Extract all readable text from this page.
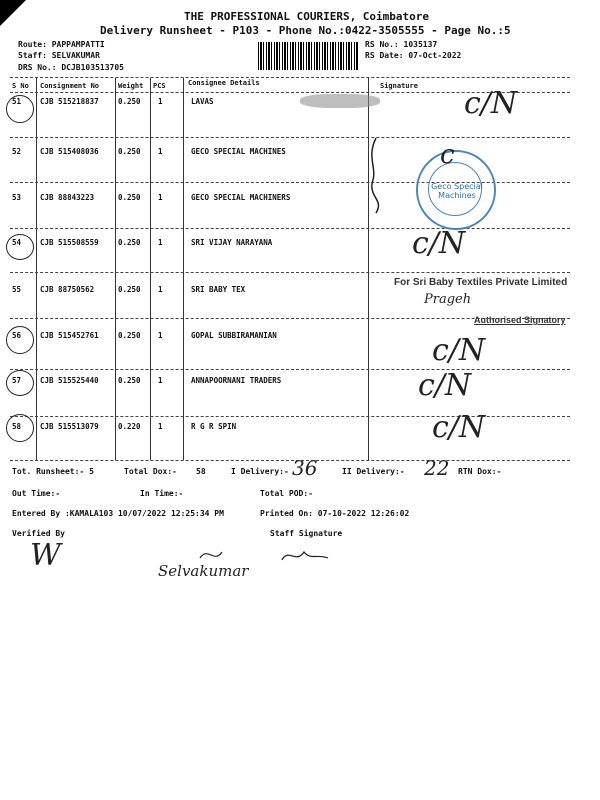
THE PROFESSIONAL COURIERS, Coimbatore
Delivery Runsheet - P103 - Phone No.:0422-3505555 - Page No.:5
Route: PAPPAMPATTI
Staff: SELVAKUMAR
DRS No.: DCJB103513705
RS No.: 1035137
RS Date: 07-Oct-2022
S No Consignment No	Weight PCS	Consignee Details	Signature
51	CJB 515218837	0.250 1	LAVAS	c/N
52	CJB 515408036	0.250 1	GECO SPECIAL MACHINES
53	CJB 88843223	0.250 1	GECO SPECIAL MACHINERS
Geco Special Machines
c
54	CJB 515508559	0.250 1	SRI VIJAY NARAYANA	c/N
55	CJB 88750562	0.250 1	SRI BABY TEX
For Sri Baby Textiles Private Limited
Prageh
Authorised Signatory
56	CJB 515452761	0.250 1	GOPAL SUBBIRAMANIAN	c/N
57	CJB 515525440	0.250 1	ANNAPOORNANI TRADERS	c/N
58	CJB 515513079	0.220 1	R G R SPIN	c/N
Tot. Runsheet:- 5	Total Dox:- 58	I Delivery:- 36	II Delivery:- 22 RTN Dox:-
Out Time:-	In Time:-	Total POD:-
Entered By :KAMALA103 10/07/2022 12:25:34 PM	Printed On: 07-10-2022 12:26:02
Verified By	Staff Signature
W	Selvakumar
